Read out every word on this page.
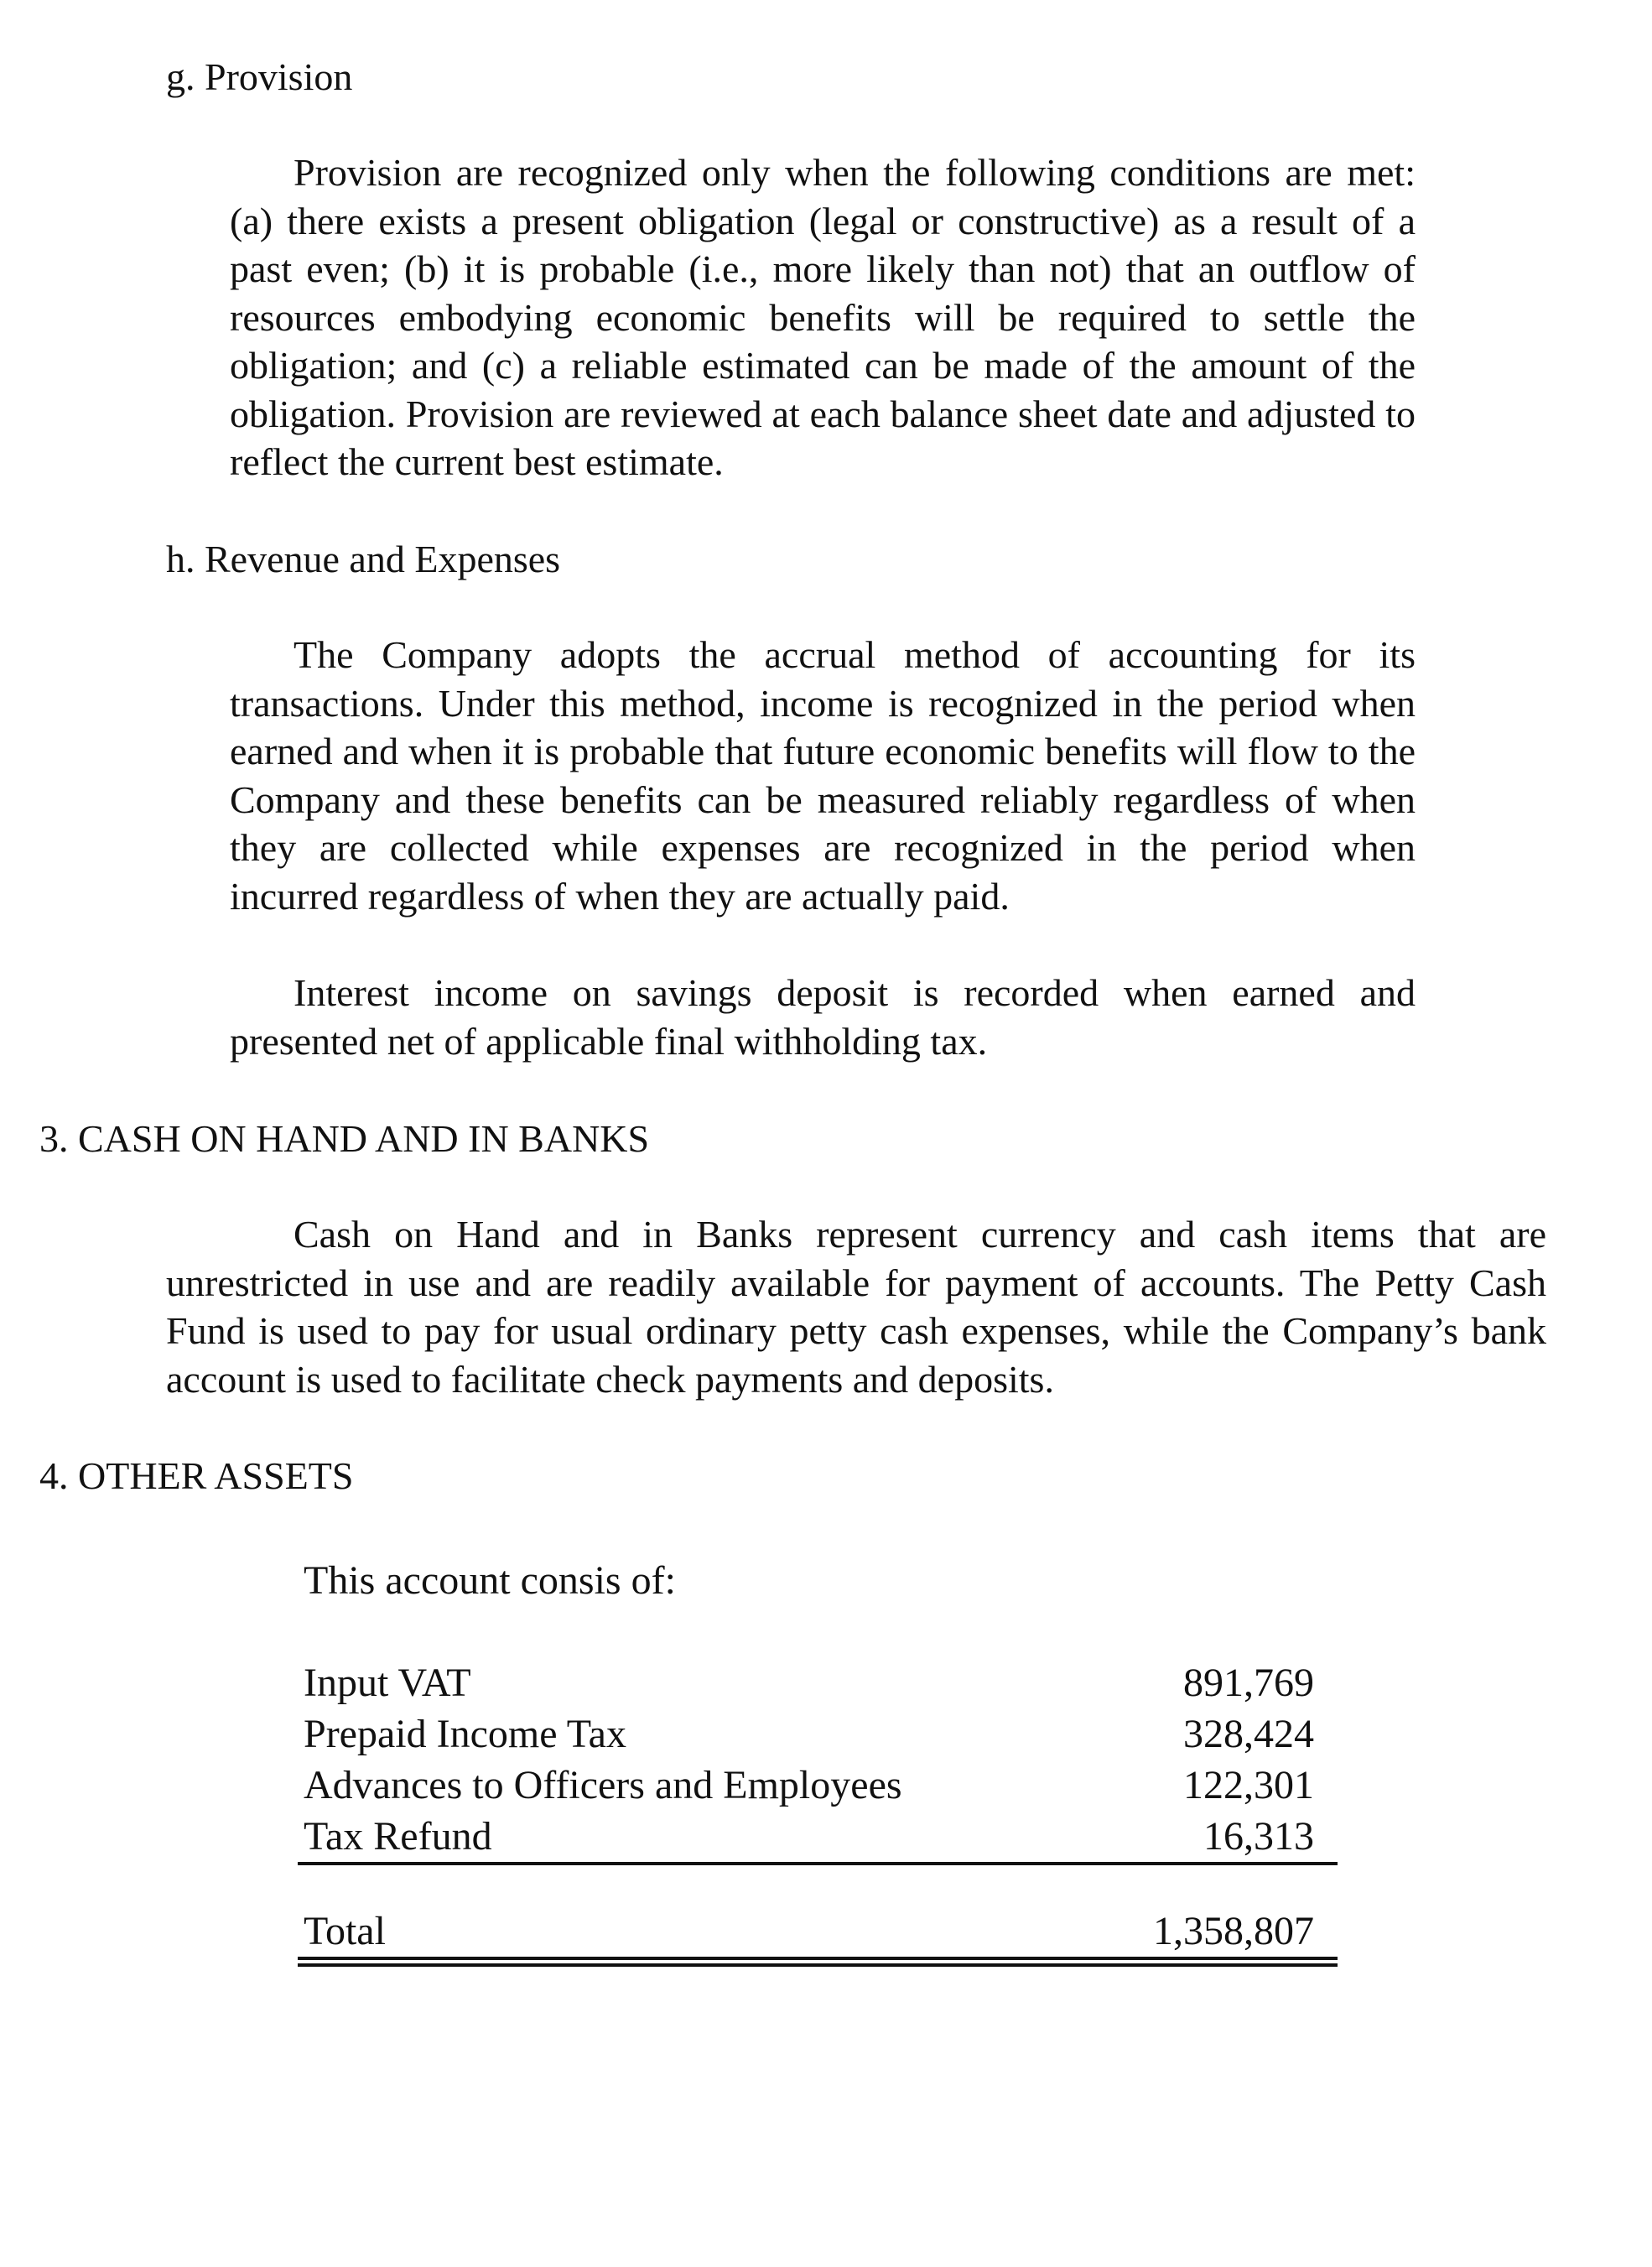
g. Provision

Provision are recognized only when the following conditions are met: (a) there exists a present obligation (legal or constructive) as a result of a past even; (b) it is probable (i.e., more likely than not) that an outflow of resources embodying economic benefits will be required to settle the obligation; and (c) a reliable estimated can be made of the amount of the obligation. Provision are reviewed at each balance sheet date and adjusted to reflect the current best estimate.

h. Revenue and Expenses

The Company adopts the accrual method of accounting for its transactions. Under this method, income is recognized in the period when earned and when it is probable that future economic benefits will flow to the Company and these benefits can be measured reliably regardless of when they are collected while expenses are recognized in the period when incurred regardless of when they are actually paid.

Interest income on savings deposit is recorded when earned and presented net of applicable final withholding tax.

3. CASH ON HAND AND IN BANKS

Cash on Hand and in Banks represent currency and cash items that are unrestricted in use and are readily available for payment of accounts. The Petty Cash Fund is used to pay for usual ordinary petty cash expenses, while the Company’s bank account is used to facilitate check payments and deposits.

4. OTHER ASSETS
This account consis of:
Input VAT	891,769
Prepaid Income Tax	328,424
Advances to Officers and Employees	122,301
Tax Refund	16,313
Total	1,358,807
